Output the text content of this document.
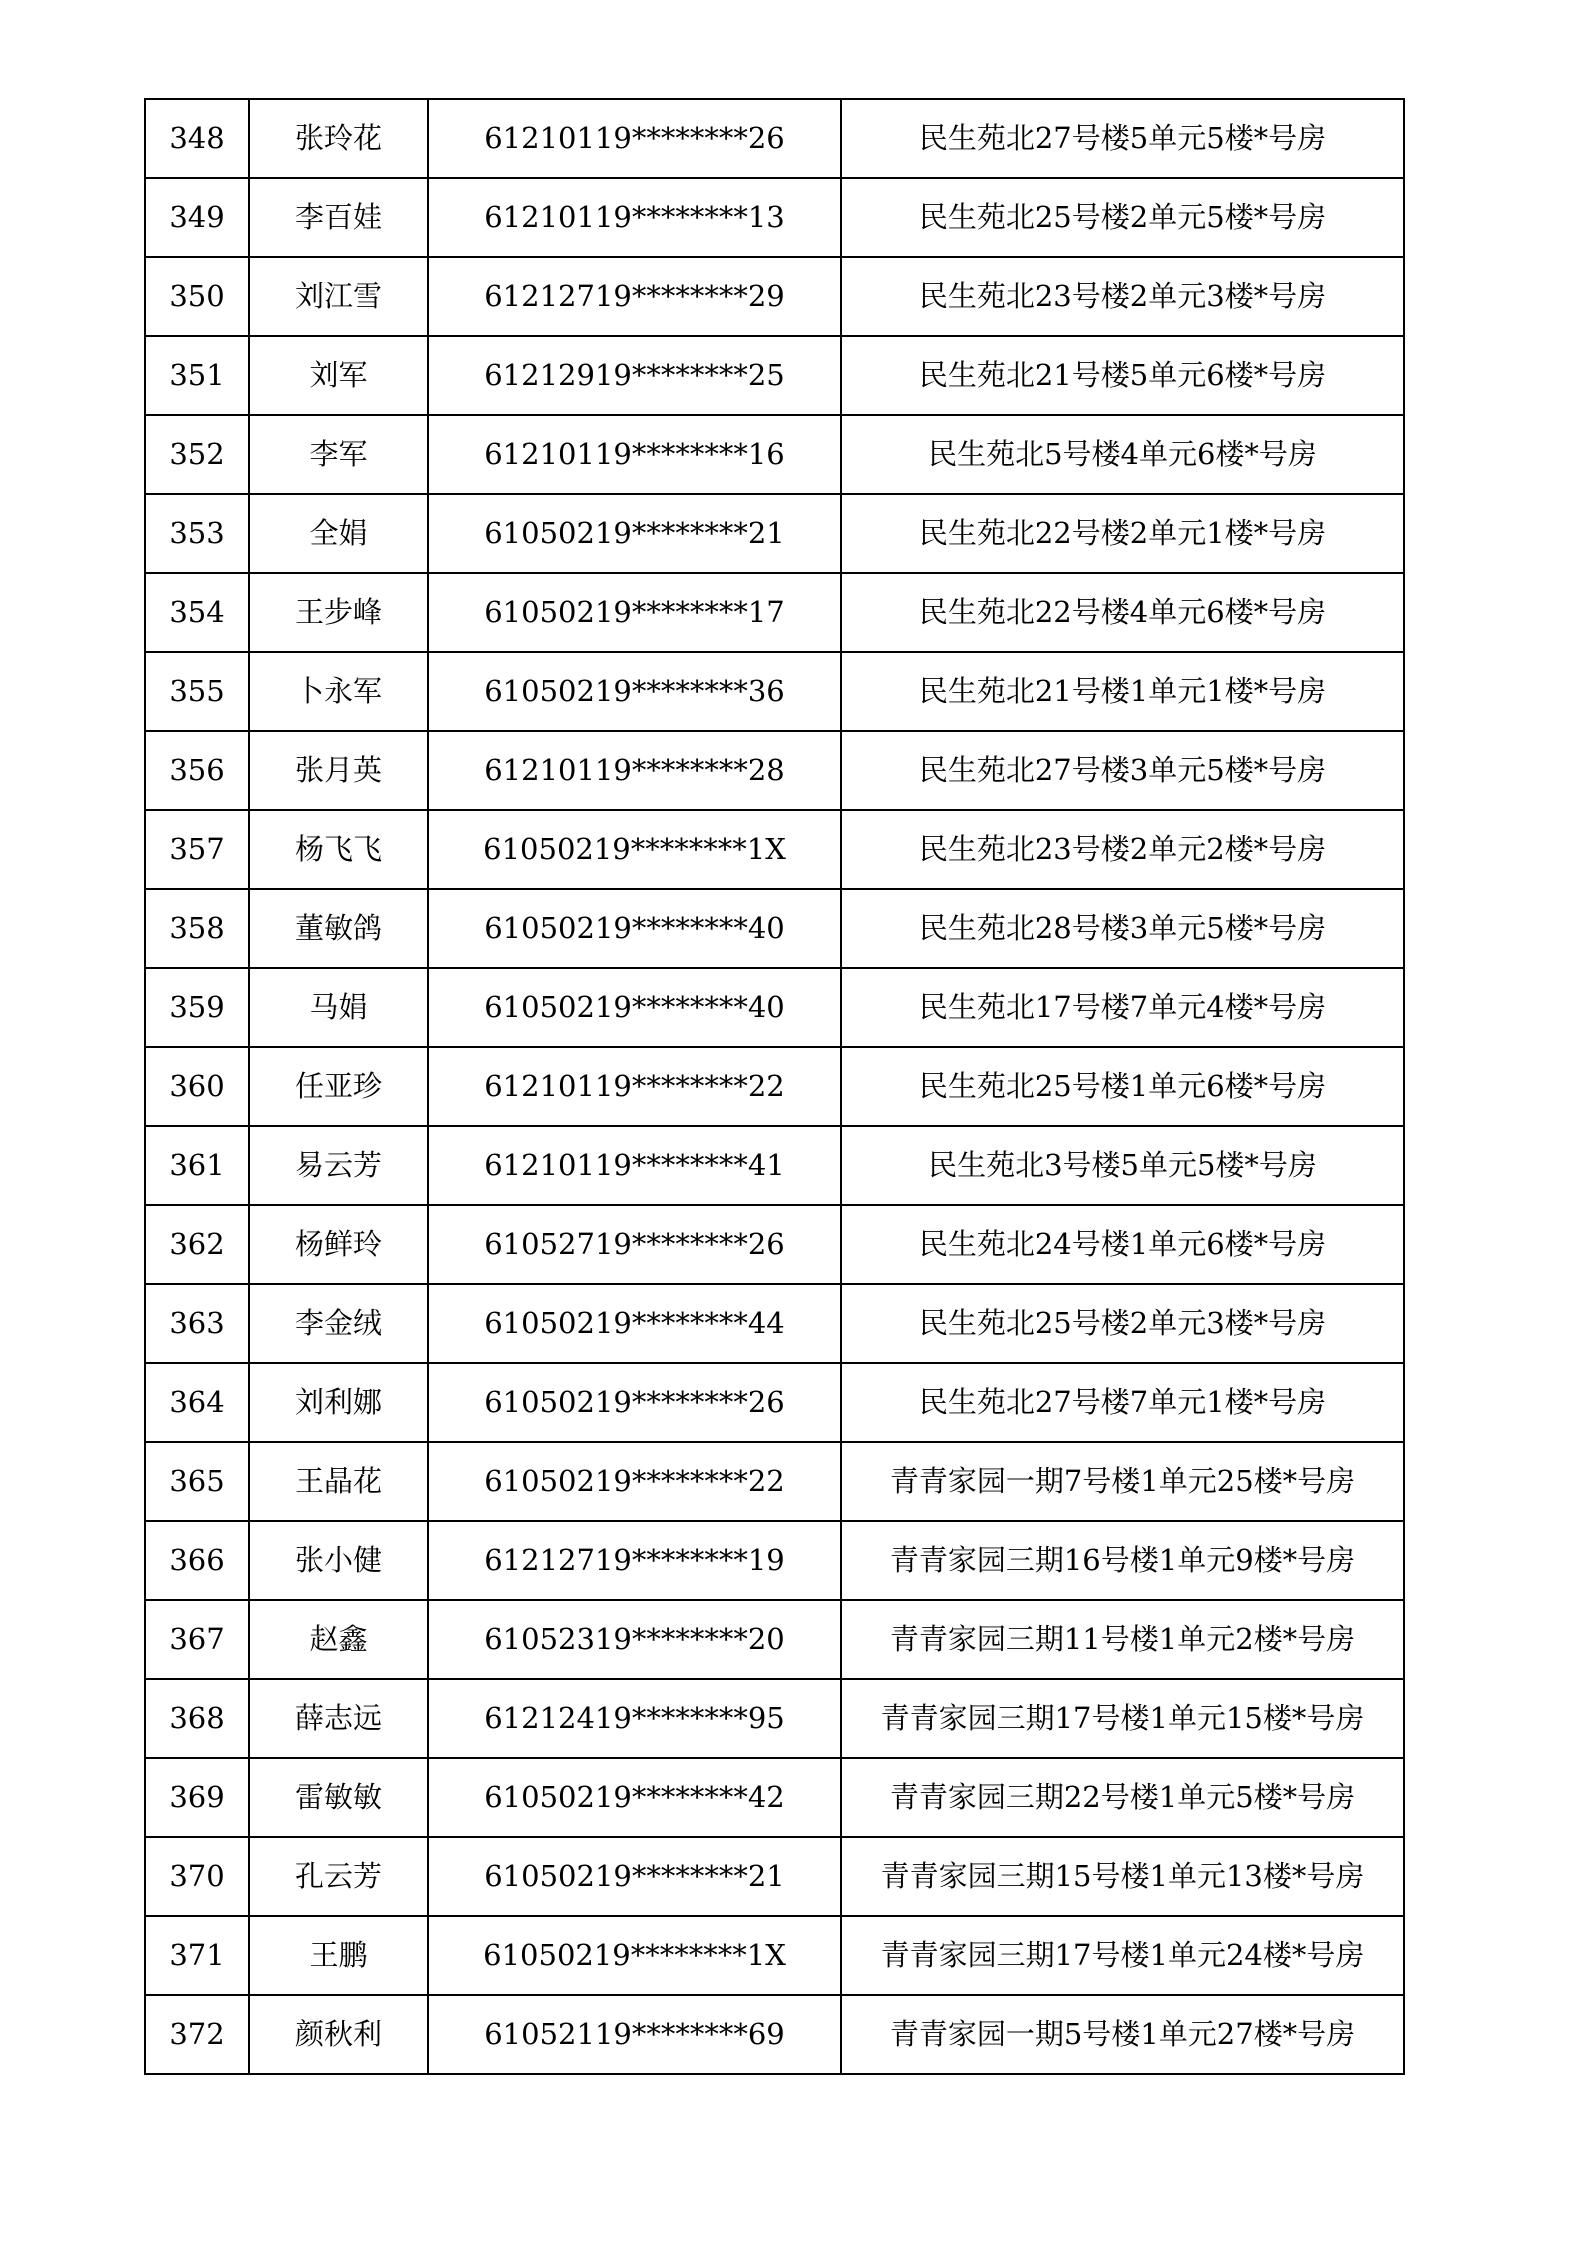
348	张玲花	61210119********26	民生苑北27号楼5单元5楼*号房
349	李百娃	61210119********13	民生苑北25号楼2单元5楼*号房
350	刘江雪	61212719********29	民生苑北23号楼2单元3楼*号房
351	刘军	61212919********25	民生苑北21号楼5单元6楼*号房
352	李军	61210119********16	民生苑北5号楼4单元6楼*号房
353	全娟	61050219********21	民生苑北22号楼2单元1楼*号房
354	王步峰	61050219********17	民生苑北22号楼4单元6楼*号房
355	卜永军	61050219********36	民生苑北21号楼1单元1楼*号房
356	张月英	61210119********28	民生苑北27号楼3单元5楼*号房
357	杨飞飞	61050219********1X	民生苑北23号楼2单元2楼*号房
358	董敏鸽	61050219********40	民生苑北28号楼3单元5楼*号房
359	马娟	61050219********40	民生苑北17号楼7单元4楼*号房
360	任亚珍	61210119********22	民生苑北25号楼1单元6楼*号房
361	易云芳	61210119********41	民生苑北3号楼5单元5楼*号房
362	杨鲜玲	61052719********26	民生苑北24号楼1单元6楼*号房
363	李金绒	61050219********44	民生苑北25号楼2单元3楼*号房
364	刘利娜	61050219********26	民生苑北27号楼7单元1楼*号房
365	王晶花	61050219********22	青青家园一期7号楼1单元25楼*号房
366	张小健	61212719********19	青青家园三期16号楼1单元9楼*号房
367	赵鑫	61052319********20	青青家园三期11号楼1单元2楼*号房
368	薛志远	61212419********95	青青家园三期17号楼1单元15楼*号房
369	雷敏敏	61050219********42	青青家园三期22号楼1单元5楼*号房
370	孔云芳	61050219********21	青青家园三期15号楼1单元13楼*号房
371	王鹏	61050219********1X	青青家园三期17号楼1单元24楼*号房
372	颜秋利	61052119********69	青青家园一期5号楼1单元27楼*号房
